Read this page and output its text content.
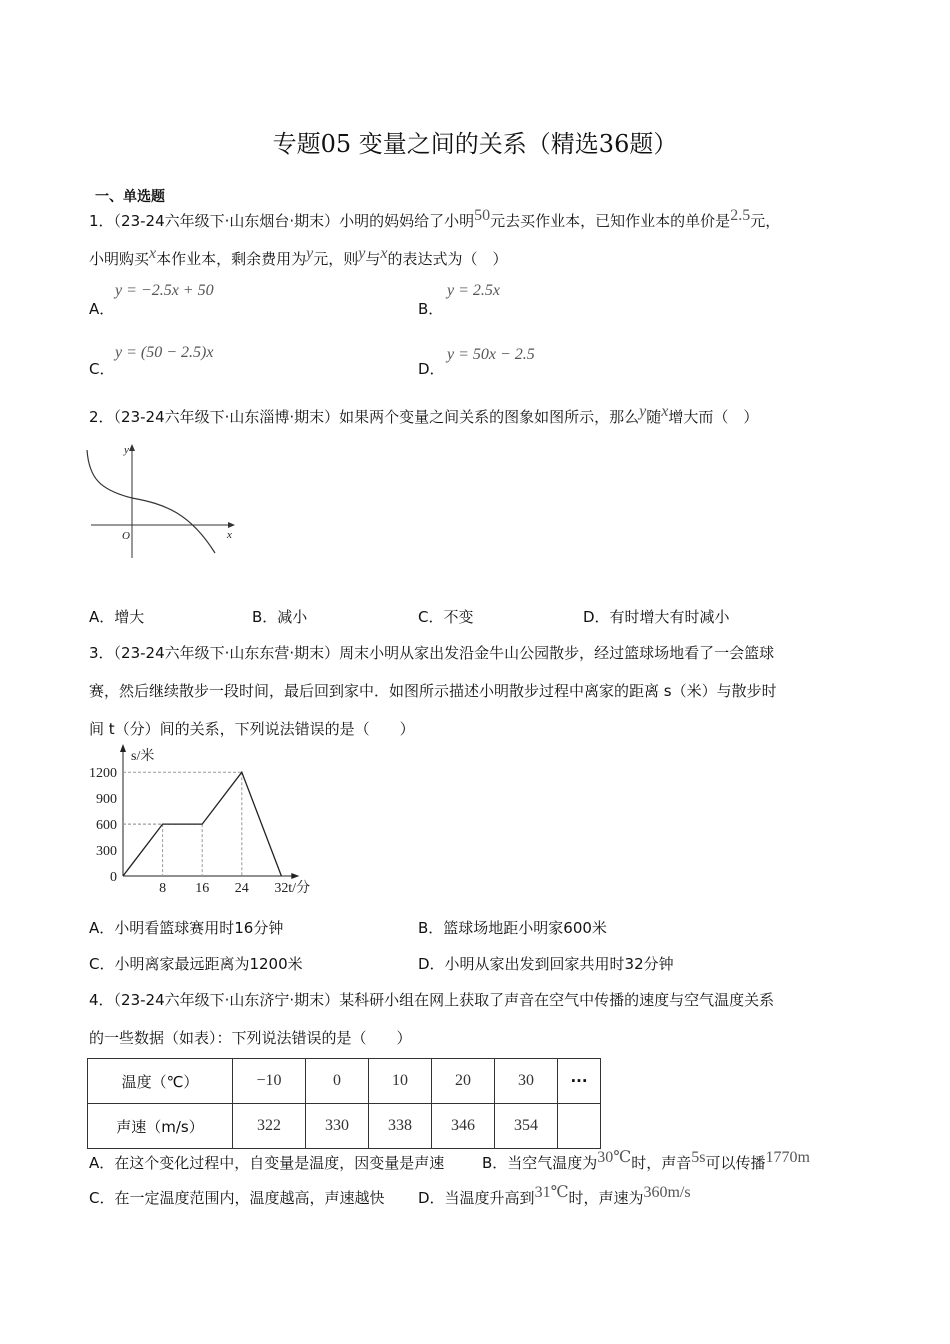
专题05 变量之间的关系（精选36题）
一、单选题
1．（23-24六年级下·山东烟台·期末）小明的妈妈给了小明50元去买作业本，已知作业本的单价是2.5元，
小明购买x本作业本，剩余费用为y元，则y与x的表达式为（　）
A．
y = −2.5x + 50
B．
y = 2.5x
C．
y = (50 − 2.5)x
D．
y = 50x − 2.5
2．（23-24六年级下·山东淄博·期末）如果两个变量之间关系的图象如图所示，那么y随x增大而（　）
y
x
O
A．增大	B．减小	C．不变	D．有时增大有时减小
3．（23-24六年级下·山东东营·期末）周末小明从家出发沿金牛山公园散步，经过篮球场地看了一会篮球
赛，然后继续散步一段时间，最后回到家中．如图所示描述小明散步过程中离家的距离 s（米）与散步时
间 t（分）间的关系，下列说法错误的是（　　）
0
300
600
900
1200
8 16 24 32
s/米
t/分
A．小明看篮球赛用时16分钟	B．篮球场地距小明家600米
C．小明离家最远距离为1200米	D．小明从家出发到回家共用时32分钟
4．（23-24六年级下·山东济宁·期末）某科研小组在网上获取了声音在空气中传播的速度与空气温度关系
的一些数据（如表）：下列说法错误的是（　　）
温度（℃）	−10	0	10	20	30	···
声速（m/s）	322	330	338	346	354	
A．在这个变化过程中，自变量是温度，因变量是声速	B．当空气温度为30℃时，声音5s可以传播1770m
C．在一定温度范围内，温度越高，声速越快 D．当温度升高到31℃时，声速为360m/s
